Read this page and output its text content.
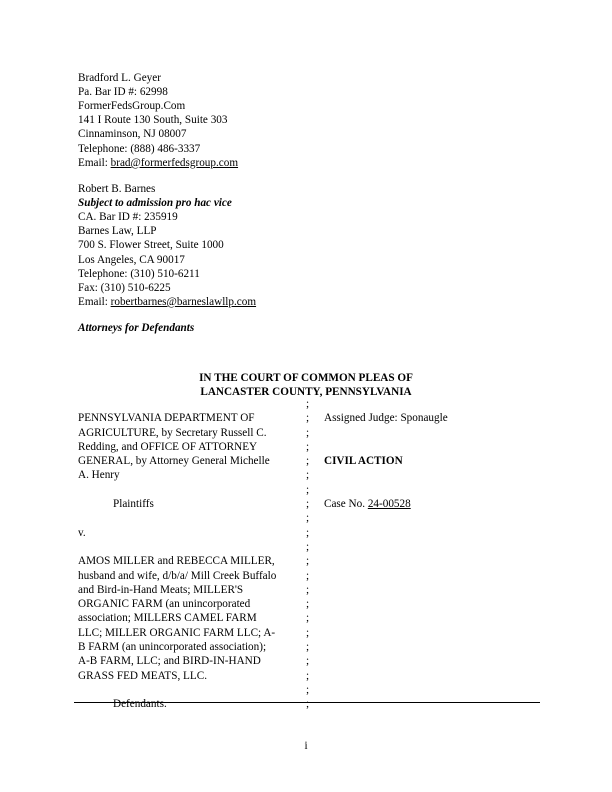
Bradford L. Geyer
Pa. Bar ID #: 62998
FormerFedsGroup.Com
141 I Route 130 South, Suite 303
Cinnaminson, NJ 08007
Telephone: (888) 486-3337
Email: brad@formerfedsgroup.com
Robert B. Barnes
Subject to admission pro hac vice
CA. Bar ID #: 235919
Barnes Law, LLP
700 S. Flower Street, Suite 1000
Los Angeles, CA 90017
Telephone: (310) 510-6211
Fax: (310) 510-6225
Email: robertbarnes@barneslawllp.com
Attorneys for Defendants
IN THE COURT OF COMMON PLEAS OF
LANCASTER COUNTY, PENNSYLVANIA
	;	
PENNSYLVANIA DEPARTMENT OF	;	Assigned Judge: Sponaugle
AGRICULTURE, by Secretary Russell C.	;	
Redding, and OFFICE OF ATTORNEY	;	
GENERAL, by Attorney General Michelle	;	CIVIL ACTION
A. Henry	;	
	;	
Plaintiffs	;	Case No. 24-00528
	;	
v.	;	
	;	
AMOS MILLER and REBECCA MILLER,	;	
husband and wife, d/b/a/ Mill Creek Buffalo	;	
and Bird-in-Hand Meats; MILLER'S	;	
ORGANIC FARM (an unincorporated	;	
association; MILLERS CAMEL FARM	;	
LLC; MILLER ORGANIC FARM LLC; A-	;	
B FARM (an unincorporated association);	;	
A-B FARM, LLC; and BIRD-IN-HAND	;	
GRASS FED MEATS, LLC.	;	
	;	
Defendants.	;	
i
